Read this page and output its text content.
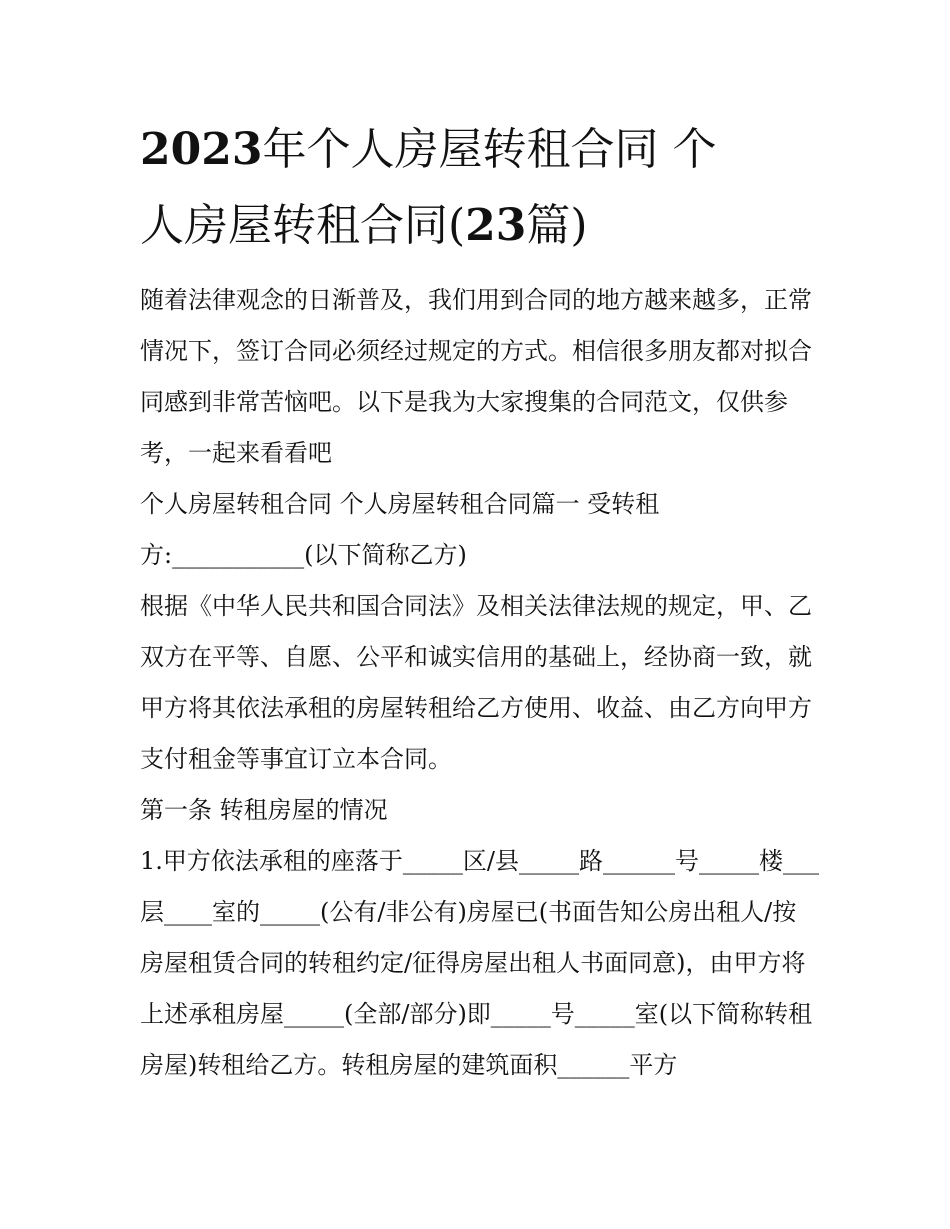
2023年个人房屋转租合同 个
人房屋转租合同(23篇)

随着法律观念的日渐普及，我们用到合同的地方越来越多，正常情况下，签订合同必须经过规定的方式。相信很多朋友都对拟合同感到非常苦恼吧。以下是我为大家搜集的合同范文，仅供参考，一起来看看吧

个人房屋转租合同 个人房屋转租合同篇一 受转租

方:___________(以下简称乙方)

根据《中华人民共和国合同法》及相关法律法规的规定，甲、乙双方在平等、自愿、公平和诚实信用的基础上，经协商一致，就甲方将其依法承租的房屋转租给乙方使用、收益、由乙方向甲方支付租金等事宜订立本合同。

第一条 转租房屋的情况

1.甲方依法承租的座落于_____区/县_____路______号_____楼___层____室的_____(公有/非公有)房屋已(书面告知公房出租人/按房屋租赁合同的转租约定/征得房屋出租人书面同意)，由甲方将上述承租房屋_____(全部/部分)即_____号_____室(以下简称转租房屋)转租给乙方。转租房屋的建筑面积______平方
